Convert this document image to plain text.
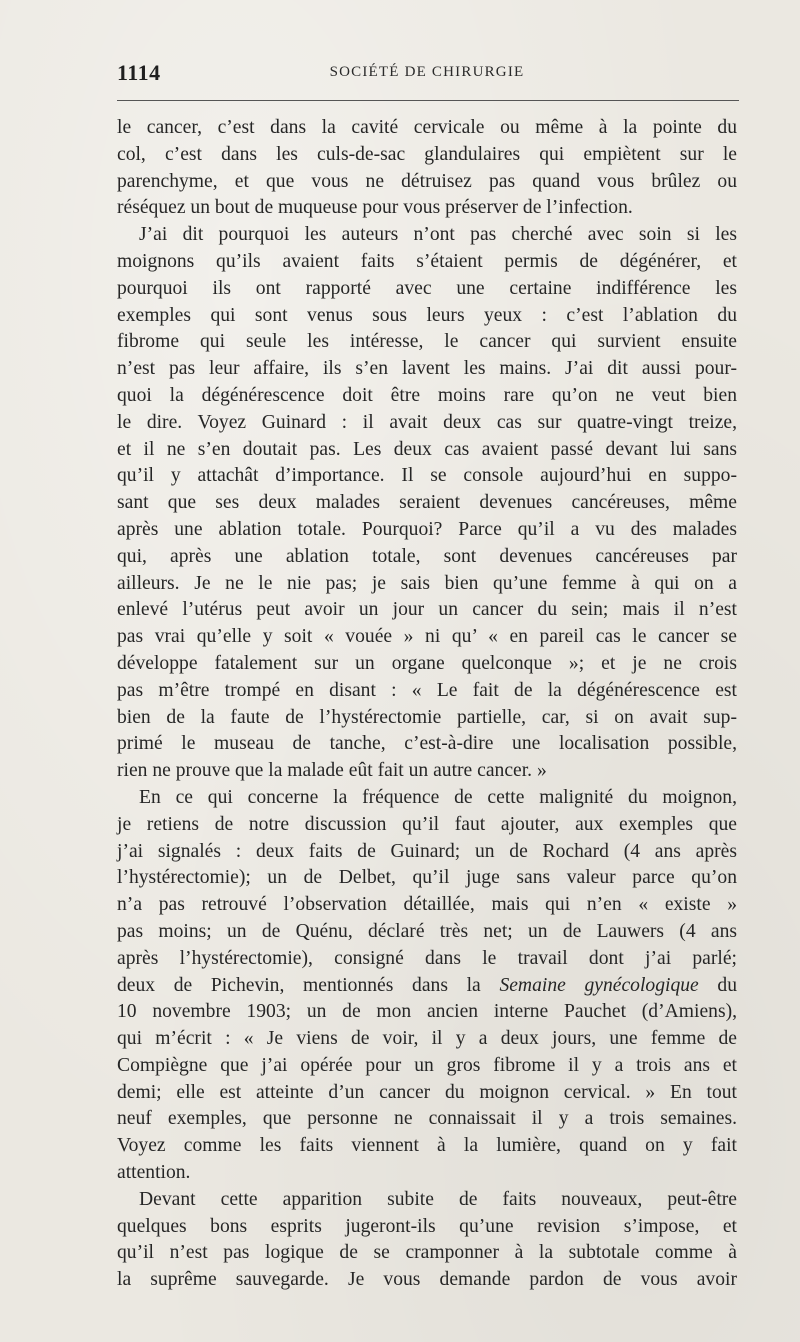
1114	SOCIÉTÉ DE CHIRURGIE
le cancer, c’est dans la cavité cervicale ou même à la pointe du
col, c’est dans les culs-de-sac glandulaires qui empiètent sur le
parenchyme, et que vous ne détruisez pas quand vous brûlez ou
réséquez un bout de muqueuse pour vous préserver de l’infection.
J’ai dit pourquoi les auteurs n’ont pas cherché avec soin si les
moignons qu’ils avaient faits s’étaient permis de dégénérer, et
pourquoi ils ont rapporté avec une certaine indifférence les
exemples qui sont venus sous leurs yeux : c’est l’ablation du
fibrome qui seule les intéresse, le cancer qui survient ensuite
n’est pas leur affaire, ils s’en lavent les mains. J’ai dit aussi pour-
quoi la dégénérescence doit être moins rare qu’on ne veut bien
le dire. Voyez Guinard : il avait deux cas sur quatre-vingt treize,
et il ne s’en doutait pas. Les deux cas avaient passé devant lui sans
qu’il y attachât d’importance. Il se console aujourd’hui en suppo-
sant que ses deux malades seraient devenues cancéreuses, même
après une ablation totale. Pourquoi? Parce qu’il a vu des malades
qui, après une ablation totale, sont devenues cancéreuses par
ailleurs. Je ne le nie pas; je sais bien qu’une femme à qui on a
enlevé l’utérus peut avoir un jour un cancer du sein; mais il n’est
pas vrai qu’elle y soit « vouée » ni qu’ « en pareil cas le cancer se
développe fatalement sur un organe quelconque »; et je ne crois
pas m’être trompé en disant : « Le fait de la dégénérescence est
bien de la faute de l’hystérectomie partielle, car, si on avait sup-
primé le museau de tanche, c’est-à-dire une localisation possible,
rien ne prouve que la malade eût fait un autre cancer. »
En ce qui concerne la fréquence de cette malignité du moignon,
je retiens de notre discussion qu’il faut ajouter, aux exemples que
j’ai signalés : deux faits de Guinard; un de Rochard (4 ans après
l’hystérectomie); un de Delbet, qu’il juge sans valeur parce qu’on
n’a pas retrouvé l’observation détaillée, mais qui n’en « existe »
pas moins; un de Quénu, déclaré très net; un de Lauwers (4 ans
après l’hystérectomie), consigné dans le travail dont j’ai parlé;
deux de Pichevin, mentionnés dans la Semaine gynécologique du
10 novembre 1903; un de mon ancien interne Pauchet (d’Amiens),
qui m’écrit : « Je viens de voir, il y a deux jours, une femme de
Compiègne que j’ai opérée pour un gros fibrome il y a trois ans et
demi; elle est atteinte d’un cancer du moignon cervical. » En tout
neuf exemples, que personne ne connaissait il y a trois semaines.
Voyez comme les faits viennent à la lumière, quand on y fait
attention.
Devant cette apparition subite de faits nouveaux, peut-être
quelques bons esprits jugeront-ils qu’une revision s’impose, et
qu’il n’est pas logique de se cramponner à la subtotale comme à
la suprême sauvegarde. Je vous demande pardon de vous avoir
